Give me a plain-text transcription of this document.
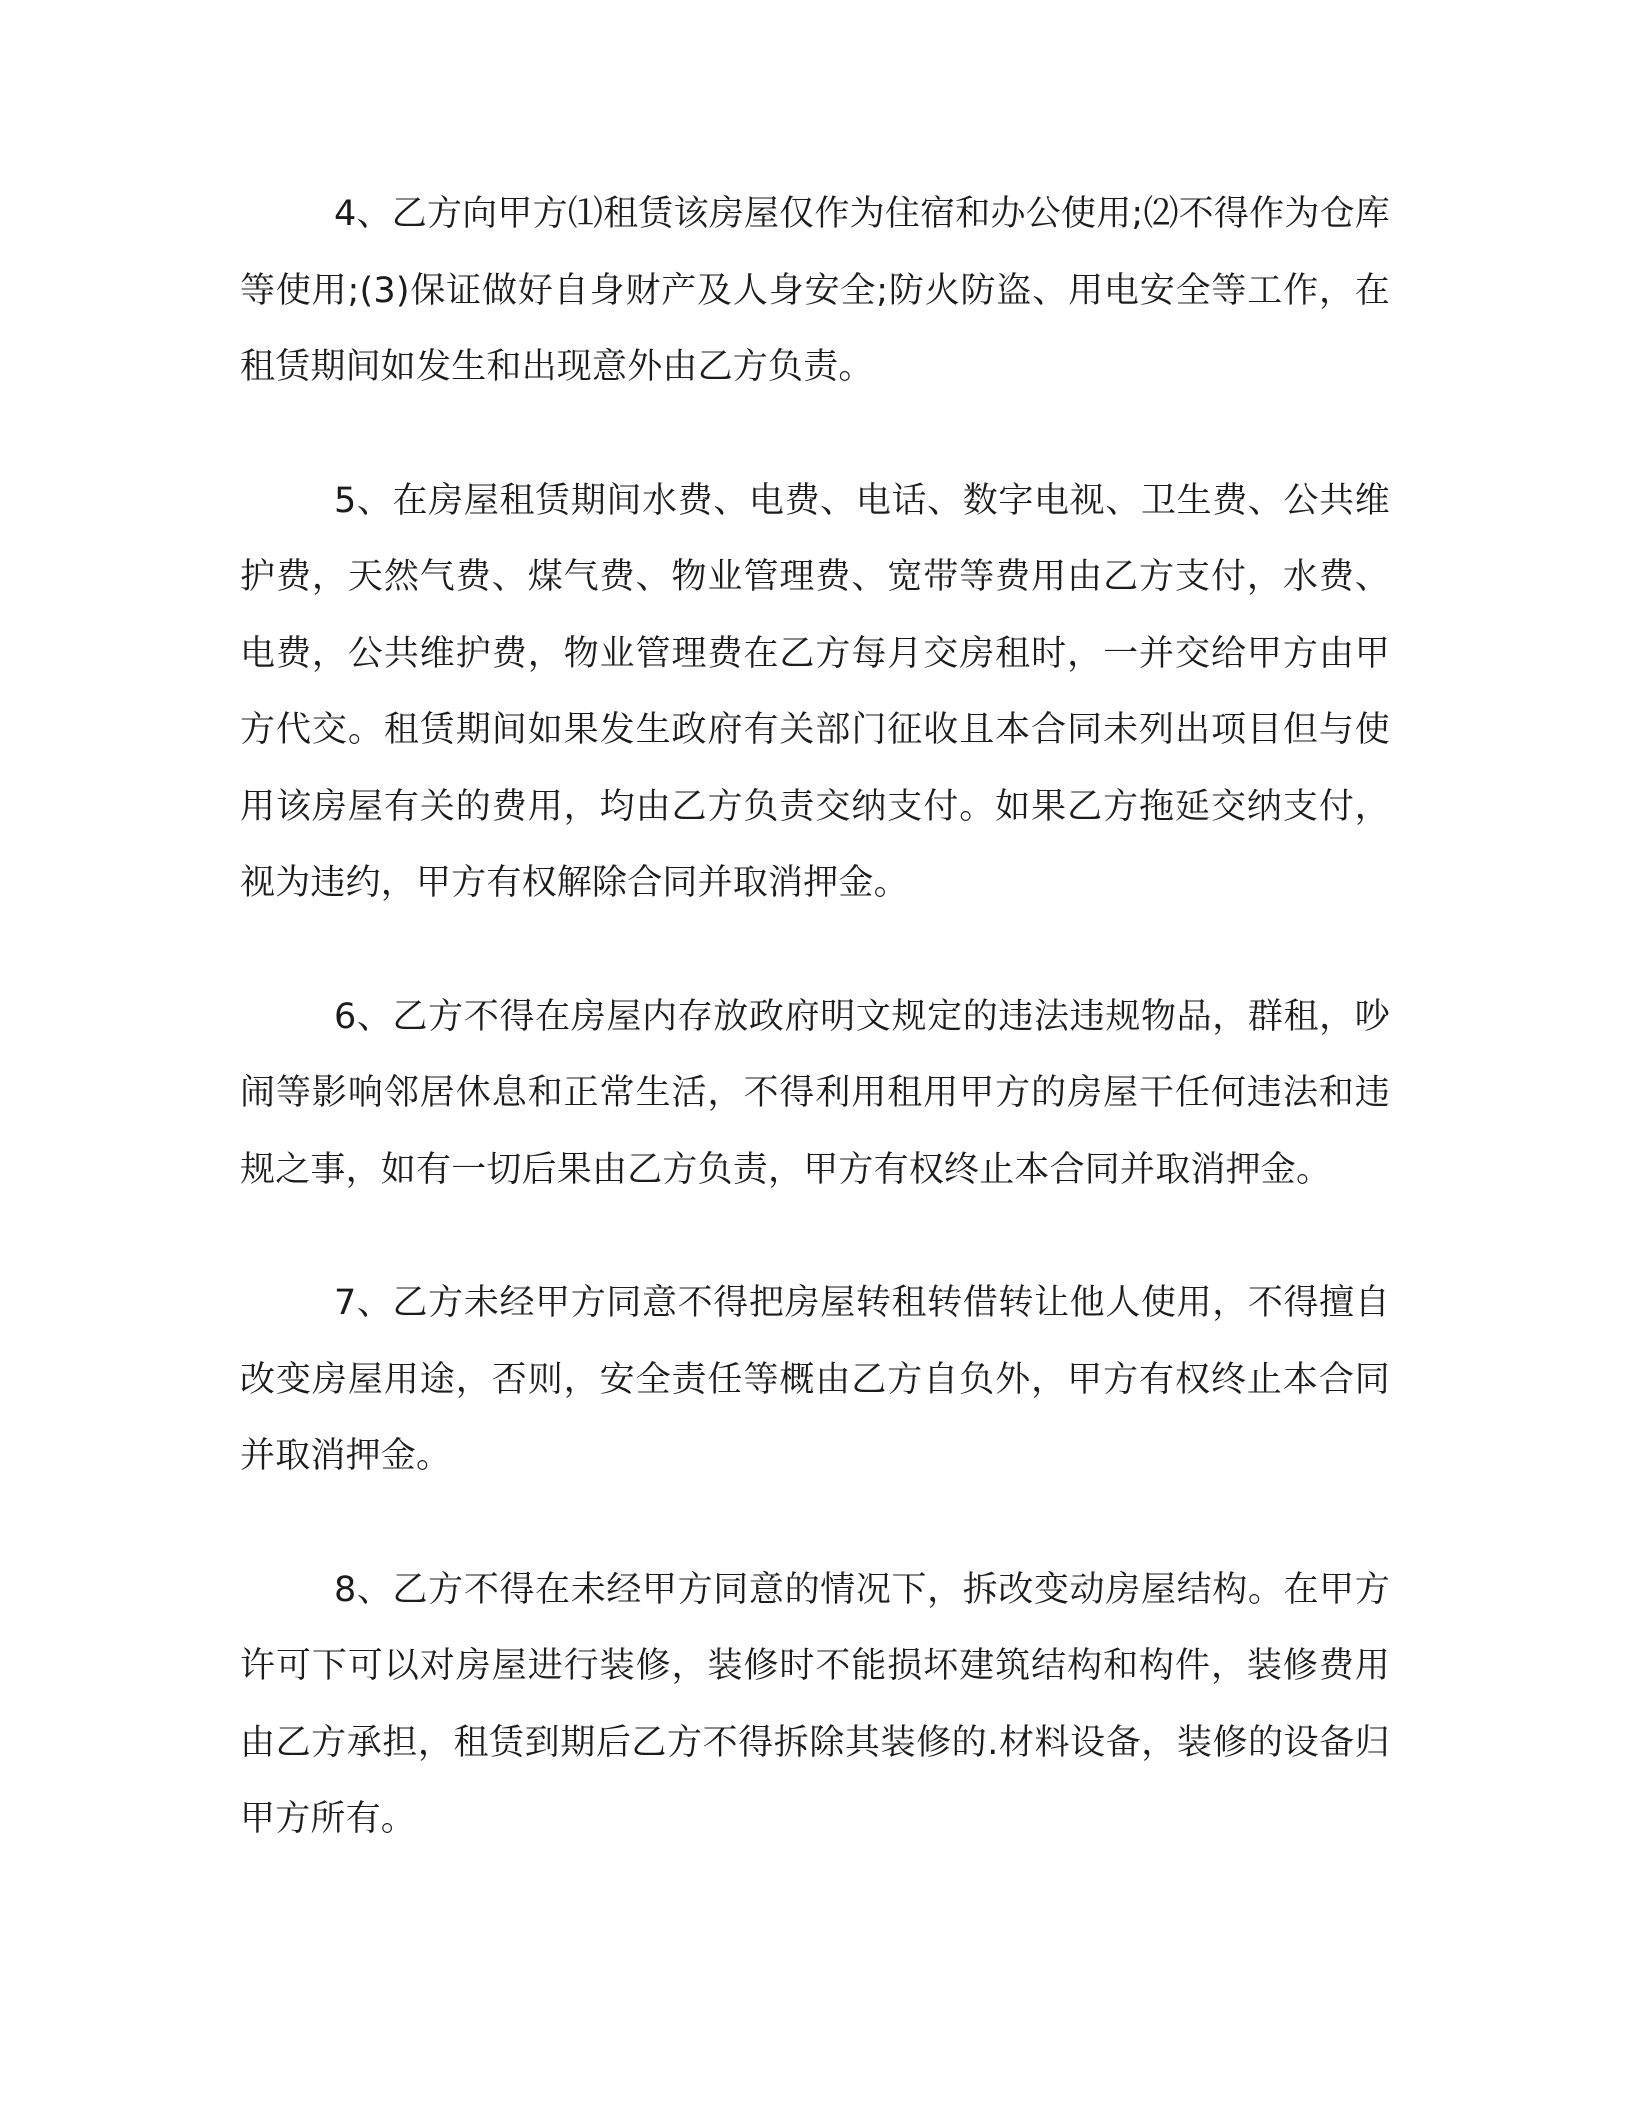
4、乙方向甲方⑴租赁该房屋仅作为住宿和办公使用;⑵不得作为仓库等使用;(3)保证做好自身财产及人身安全;防火防盗、用电安全等工作，在租赁期间如发生和出现意外由乙方负责。

5、在房屋租赁期间水费、电费、电话、数字电视、卫生费、公共维护费，天然气费、煤气费、物业管理费、宽带等费用由乙方支付，水费、电费，公共维护费，物业管理费在乙方每月交房租时，一并交给甲方由甲方代交。租赁期间如果发生政府有关部门征收且本合同未列出项目但与使用该房屋有关的费用，均由乙方负责交纳支付。如果乙方拖延交纳支付，视为违约，甲方有权解除合同并取消押金。

6、乙方不得在房屋内存放政府明文规定的违法违规物品，群租，吵闹等影响邻居休息和正常生活，不得利用租用甲方的房屋干任何违法和违规之事，如有一切后果由乙方负责，甲方有权终止本合同并取消押金。

7、乙方未经甲方同意不得把房屋转租转借转让他人使用，不得擅自改变房屋用途，否则，安全责任等概由乙方自负外，甲方有权终止本合同并取消押金。

8、乙方不得在未经甲方同意的情况下，拆改变动房屋结构。在甲方许可下可以对房屋进行装修，装修时不能损坏建筑结构和构件，装修费用由乙方承担，租赁到期后乙方不得拆除其装修的.材料设备，装修的设备归甲方所有。
